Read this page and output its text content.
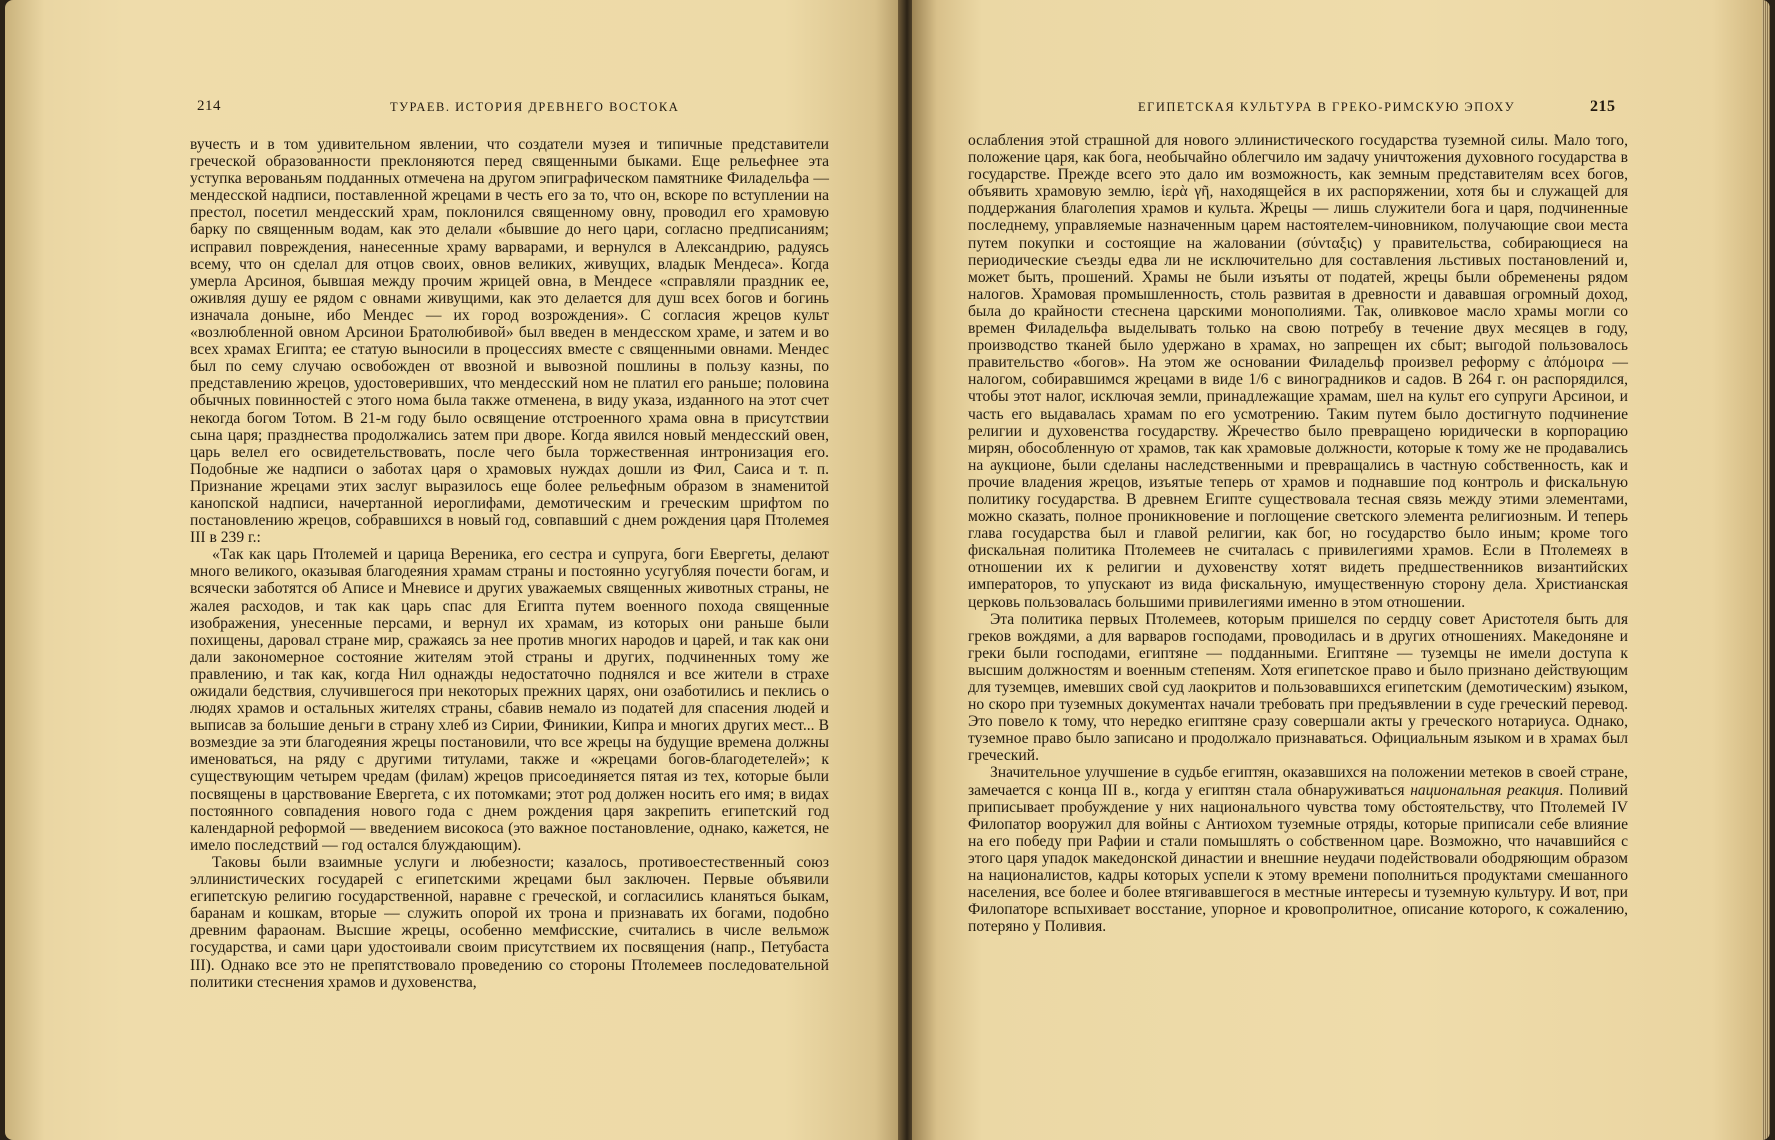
214	ТУРАЕВ. ИСТОРИЯ ДРЕВНЕГО ВОСТОКА

вучесть и в том удивительном явлении, что создатели музея и типичные представители греческой образованности преклоняются перед священными быками. Еще рельефнее эта уступка верованьям подданных отмечена на другом эпиграфическом памятнике Филадельфа — мендесской надписи, поставленной жрецами в честь его за то, что он, вскоре по вступлении на престол, посетил мендесский храм, поклонился священному овну, проводил его храмовую барку по священным водам, как это делали «бывшие до него цари, согласно предписаниям; исправил повреждения, нанесенные храму варварами, и вернулся в Александрию, радуясь всему, что он сделал для отцов своих, овнов великих, живущих, владык Мендеса». Когда умерла Арсиноя, бывшая между прочим жрицей овна, в Мендесе «справляли праздник ее, оживляя душу ее рядом с овнами живущими, как это делается для душ всех богов и богинь изначала доныне, ибо Мендес — их город возрождения». С согласия жрецов культ «возлюбленной овном Арсинои Братолюбивой» был введен в мендесском храме, и затем и во всех храмах Египта; ее статую выносили в процессиях вместе с священными овнами. Мендес был по сему случаю освобожден от ввозной и вывозной пошлины в пользу казны, по представлению жрецов, удостоверивших, что мендесский ном не платил его раньше; половина обычных повинностей с этого нома была также отменена, в виду указа, изданного на этот счет некогда богом Тотом. В 21-м году было освящение отстроенного храма овна в присутствии сына царя; празднества продолжались затем при дворе. Когда явился новый мендесский овен, царь велел его освидетельствовать, после чего была торжественная интронизация его. Подобные же надписи о заботах царя о храмовых нуждах дошли из Фил, Саиса и т. п. Признание жрецами этих заслуг выразилось еще более рельефным образом в знаменитой канопской надписи, начертанной иероглифами, демотическим и греческим шрифтом по постановлению жрецов, собравшихся в новый год, совпавший с днем рождения царя Птолемея III в 239 г.:

«Так как царь Птолемей и царица Вереника, его сестра и супруга, боги Евергеты, делают много великого, оказывая благодеяния храмам страны и постоянно усугубляя почести богам, и всячески заботятся об Аписе и Мневисе и других уважаемых священных животных страны, не жалея расходов, и так как царь спас для Египта путем военного похода священные изображения, унесенные персами, и вернул их храмам, из которых они раньше были похищены, даровал стране мир, сражаясь за нее против многих народов и царей, и так как они дали закономерное состояние жителям этой страны и других, подчиненных тому же правлению, и так как, когда Нил однажды недостаточно поднялся и все жители в страхе ожидали бедствия, случившегося при некоторых прежних царях, они озаботились и пеклись о людях храмов и остальных жителях страны, сбавив немало из податей для спасения людей и выписав за большие деньги в страну хлеб из Сирии, Финикии, Кипра и многих других мест... В возмездие за эти благодеяния жрецы постановили, что все жрецы на будущие времена должны именоваться, на ряду с другими титулами, также и «жрецами богов-благодетелей»; к существующим четырем чредам (филам) жрецов присоединяется пятая из тех, которые были посвящены в царствование Евергета, с их потомками; этот род должен носить его имя; в видах постоянного совпадения нового года с днем рождения царя закрепить египетский год календарной реформой — введением високоса (это важное постановление, однако, кажется, не имело последствий — год остался блуждающим).

Таковы были взаимные услуги и любезности; казалось, противоестественный союз эллинистических государей с египетскими жрецами был заключен. Первые объявили египетскую религию государственной, наравне с греческой, и согласились кланяться быкам, баранам и кошкам, вторые — служить опорой их трона и признавать их богами, подобно древним фараонам. Высшие жрецы, особенно мемфисские, считались в числе вельмож государства, и сами цари удостоивали своим присутствием их посвящения (напр., Петубаста III). Однако все это не препятствовало проведению со стороны Птолемеев последовательной политики стеснения храмов и духовенства,

ЕГИПЕТСКАЯ КУЛЬТУРА В ГРЕКО-РИМСКУЮ ЭПОХУ	215

ослабления этой страшной для нового эллинистического государства туземной силы. Мало того, положение царя, как бога, необычайно облегчило им задачу уничтожения духовного государства в государстве. Прежде всего это дало им возможность, как земным представителям всех богов, объявить храмовую землю, ἱερὰ γῆ, находящейся в их распоряжении, хотя бы и служащей для поддержания благолепия храмов и культа. Жрецы — лишь служители бога и царя, подчиненные последнему, управляемые назначенным царем настоятелем-чиновником, получающие свои места путем покупки и состоящие на жаловании (σύνταξις) у правительства, собирающиеся на периодические съезды едва ли не исключительно для составления льстивых постановлений и, может быть, прошений. Храмы не были изъяты от податей, жрецы были обременены рядом налогов. Храмовая промышленность, столь развитая в древности и дававшая огромный доход, была до крайности стеснена царскими монополиями. Так, оливковое масло храмы могли со времен Филадельфа выделывать только на свою потребу в течение двух месяцев в году, производство тканей было удержано в храмах, но запрещен их сбыт; выгодой пользовалось правительство «богов». На этом же основании Филадельф произвел реформу с ἀπόμοιρα — налогом, собиравшимся жрецами в виде 1/6 с виноградников и садов. В 264 г. он распорядился, чтобы этот налог, исключая земли, принадлежащие храмам, шел на культ его супруги Арсинои, и часть его выдавалась храмам по его усмотрению. Таким путем было достигнуто подчинение религии и духовенства государству. Жречество было превращено юридически в корпорацию мирян, обособленную от храмов, так как храмовые должности, которые к тому же не продавались на аукционе, были сделаны наследственными и превращались в частную собственность, как и прочие владения жрецов, изъятые теперь от храмов и поднавшие под контроль и фискальную политику государства. В древнем Египте существовала тесная связь между этими элементами, можно сказать, полное проникновение и поглощение светского элемента религиозным. И теперь глава государства был и главой религии, как бог, но государство было иным; кроме того фискальная политика Птолемеев не считалась с привилегиями храмов. Если в Птолемеях в отношении их к религии и духовенству хотят видеть предшественников византийских императоров, то упускают из вида фискальную, имущественную сторону дела. Христианская церковь пользовалась большими привилегиями именно в этом отношении.

Эта политика первых Птолемеев, которым пришелся по сердцу совет Аристотеля быть для греков вождями, а для варваров господами, проводилась и в других отношениях. Македоняне и греки были господами, египтяне — подданными. Египтяне — туземцы не имели доступа к высшим должностям и военным степеням. Хотя египетское право и было признано действующим для туземцев, имевших свой суд лаокритов и пользовавшихся египетским (демотическим) языком, но скоро при туземных документах начали требовать при предъявлении в суде греческий перевод. Это повело к тому, что нередко египтяне сразу совершали акты у греческого нотариуса. Однако, туземное право было записано и продолжало признаваться. Официальным языком и в храмах был греческий.

Значительное улучшение в судьбе египтян, оказавшихся на положении метеков в своей стране, замечается с конца III в., когда у египтян стала обнаруживаться национальная реакция. Поливий приписывает пробуждение у них национального чувства тому обстоятельству, что Птолемей IV Филопатор вооружил для войны с Антиохом туземные отряды, которые приписали себе влияние на его победу при Рафии и стали помышлять о собственном царе. Возможно, что начавшийся с этого царя упадок македонской династии и внешние неудачи подействовали ободряющим образом на националистов, кадры которых успели к этому времени пополниться продуктами смешанного населения, все более и более втягивавшегося в местные интересы и туземную культуру. И вот, при Филопаторе вспыхивает восстание, упорное и кровопролитное, описание которого, к сожалению, потеряно у Поливия.
